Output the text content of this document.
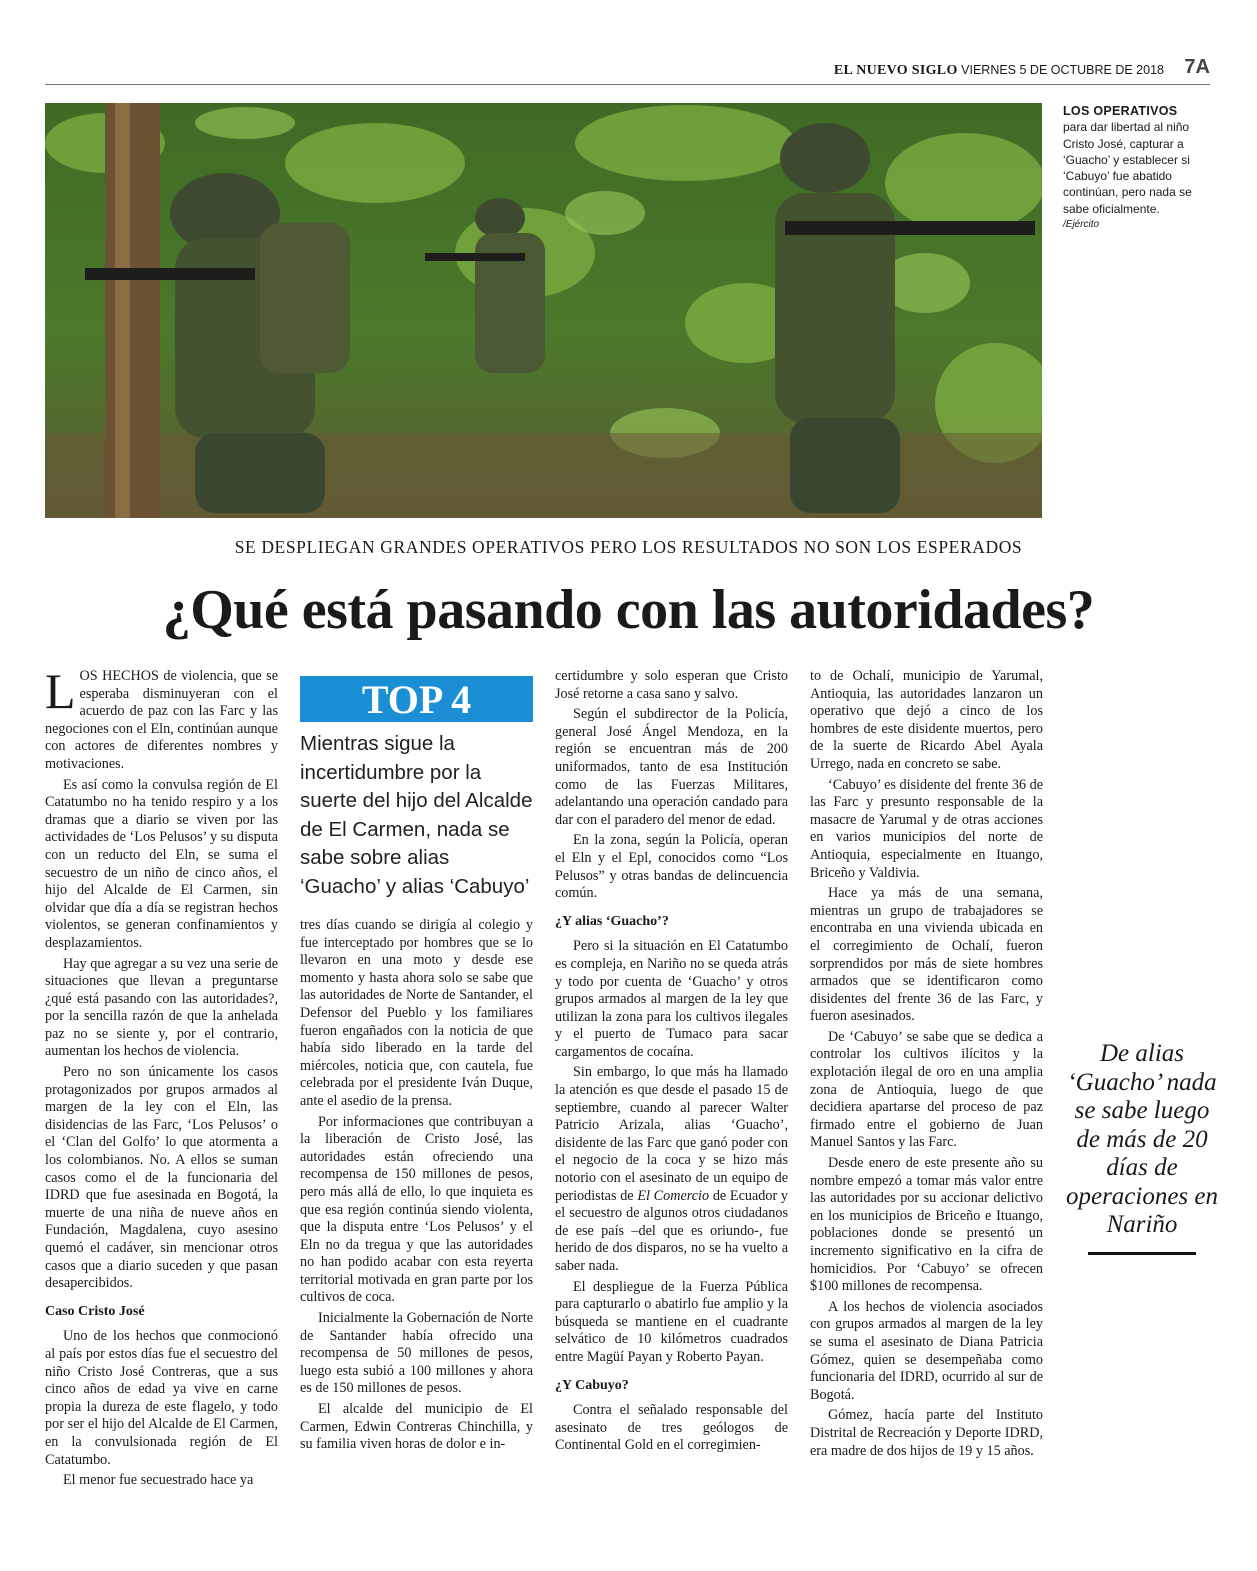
EL NUEVO SIGLO VIERNES 5 DE OCTUBRE DE 2018 7A
LOS OPERATIVOS
para dar libertad al niño Cristo José, capturar a ‘Guacho’ y establecer si ‘Cabuyo’ fue abatido continúan, pero nada se sabe oficialmente.
/Ejército
SE DESPLIEGAN GRANDES OPERATIVOS PERO LOS RESULTADOS NO SON LOS ESPERADOS
¿Qué está pasando con las autoridades?

LOS HECHOS de violencia, que se esperaba disminuyeran con el acuerdo de paz con las Farc y las negociones con el Eln, continúan aunque con actores de diferentes nombres y motivaciones.

Es así como la convulsa región de El Catatumbo no ha tenido respiro y a los dramas que a diario se viven por las actividades de ‘Los Pelusos’ y su disputa con un reducto del Eln, se suma el secuestro de un niño de cinco años, el hijo del Alcalde de El Carmen, sin olvidar que día a día se registran hechos violentos, se generan confinamientos y desplazamientos.

Hay que agregar a su vez una serie de situaciones que llevan a preguntarse ¿qué está pasando con las autoridades?, por la sencilla razón de que la anhelada paz no se siente y, por el contrario, aumentan los hechos de violencia.

Pero no son únicamente los casos protagonizados por grupos armados al margen de la ley con el Eln, las disidencias de las Farc, ‘Los Pelusos’ o el ‘Clan del Golfo’ lo que atormenta a los colombianos. No. A ellos se suman casos como el de la funcionaria del IDRD que fue asesinada en Bogotá, la muerte de una niña de nueve años en Fundación, Magdalena, cuyo asesino quemó el cadáver, sin mencionar otros casos que a diario suceden y que pasan desapercibidos.

Caso Cristo José

Uno de los hechos que conmocionó al país por estos días fue el secuestro del niño Cristo José Contreras, que a sus cinco años de edad ya vive en carne propia la dureza de este flagelo, y todo por ser el hijo del Alcalde de El Carmen, en la convulsionada región de El Catatumbo.

El menor fue secuestrado hace ya

TOP 4
Mientras sigue la incertidumbre por la suerte del hijo del Alcalde de El Carmen, nada se sabe sobre alias ‘Guacho’ y alias ‘Cabuyo’

tres días cuando se dirigía al colegio y fue interceptado por hombres que se lo llevaron en una moto y desde ese momento y hasta ahora solo se sabe que las autoridades de Norte de Santander, el Defensor del Pueblo y los familiares fueron engañados con la noticia de que había sido liberado en la tarde del miércoles, noticia que, con cautela, fue celebrada por el presidente Iván Duque, ante el asedio de la prensa.

Por informaciones que contribuyan a la liberación de Cristo José, las autoridades están ofreciendo una recompensa de 150 millones de pesos, pero más allá de ello, lo que inquieta es que esa región continúa siendo violenta, que la disputa entre ‘Los Pelusos’ y el Eln no da tregua y que las autoridades no han podido acabar con esta reyerta territorial motivada en gran parte por los cultivos de coca.

Inicialmente la Gobernación de Norte de Santander había ofrecido una recompensa de 50 millones de pesos, luego esta subió a 100 millones y ahora es de 150 millones de pesos.

El alcalde del municipio de El Carmen, Edwin Contreras Chinchilla, y su familia viven horas de dolor e in-

certidumbre y solo esperan que Cristo José retorne a casa sano y salvo.

Según el subdirector de la Policía, general José Ángel Mendoza, en la región se encuentran más de 200 uniformados, tanto de esa Institución como de las Fuerzas Militares, adelantando una operación candado para dar con el paradero del menor de edad.

En la zona, según la Policía, operan el Eln y el Epl, conocidos como “Los Pelusos” y otras bandas de delincuencia común.

¿Y alias ‘Guacho’?

Pero si la situación en El Catatumbo es compleja, en Nariño no se queda atrás y todo por cuenta de ‘Guacho’ y otros grupos armados al margen de la ley que utilizan la zona para los cultivos ilegales y el puerto de Tumaco para sacar cargamentos de cocaína.

Sin embargo, lo que más ha llamado la atención es que desde el pasado 15 de septiembre, cuando al parecer Walter Patricio Arizala, alias ‘Guacho’, disidente de las Farc que ganó poder con el negocio de la coca y se hizo más notorio con el asesinato de un equipo de periodistas de El Comercio de Ecuador y el secuestro de algunos otros ciudadanos de ese país –del que es oriundo-, fue herido de dos disparos, no se ha vuelto a saber nada.

El despliegue de la Fuerza Pública para capturarlo o abatirlo fue amplio y la búsqueda se mantiene en el cuadrante selvático de 10 kilómetros cuadrados entre Magüí Payan y Roberto Payan.

¿Y Cabuyo?

Contra el señalado responsable del asesinato de tres geólogos de Continental Gold en el corregimien-

to de Ochalí, municipio de Yarumal, Antioquia, las autoridades lanzaron un operativo que dejó a cinco de los hombres de este disidente muertos, pero de la suerte de Ricardo Abel Ayala Urrego, nada en concreto se sabe.

‘Cabuyo’ es disidente del frente 36 de las Farc y presunto responsable de la masacre de Yarumal y de otras acciones en varios municipios del norte de Antioquia, especialmente en Ituango, Briceño y Valdivia.

Hace ya más de una semana, mientras un grupo de trabajadores se encontraba en una vivienda ubicada en el corregimiento de Ochalí, fueron sorprendidos por más de siete hombres armados que se identificaron como disidentes del frente 36 de las Farc, y fueron asesinados.

De ‘Cabuyo’ se sabe que se dedica a controlar los cultivos ilícitos y la explotación ilegal de oro en una amplia zona de Antioquia, luego de que decidiera apartarse del proceso de paz firmado entre el gobierno de Juan Manuel Santos y las Farc.

Desde enero de este presente año su nombre empezó a tomar más valor entre las autoridades por su accionar delictivo en los municipios de Briceño e Ituango, poblaciones donde se presentó un incremento significativo en la cifra de homicidios. Por ‘Cabuyo’ se ofrecen $100 millones de recompensa.

A los hechos de violencia asociados con grupos armados al margen de la ley se suma el asesinato de Diana Patricia Gómez, quien se desempeñaba como funcionaria del IDRD, ocurrido al sur de Bogotá.

Gómez, hacía parte del Instituto Distrital de Recreación y Deporte IDRD, era madre de dos hijos de 19 y 15 años.

De alias ‘Guacho’ nada se sabe luego de más de 20 días de operaciones en Nariño
